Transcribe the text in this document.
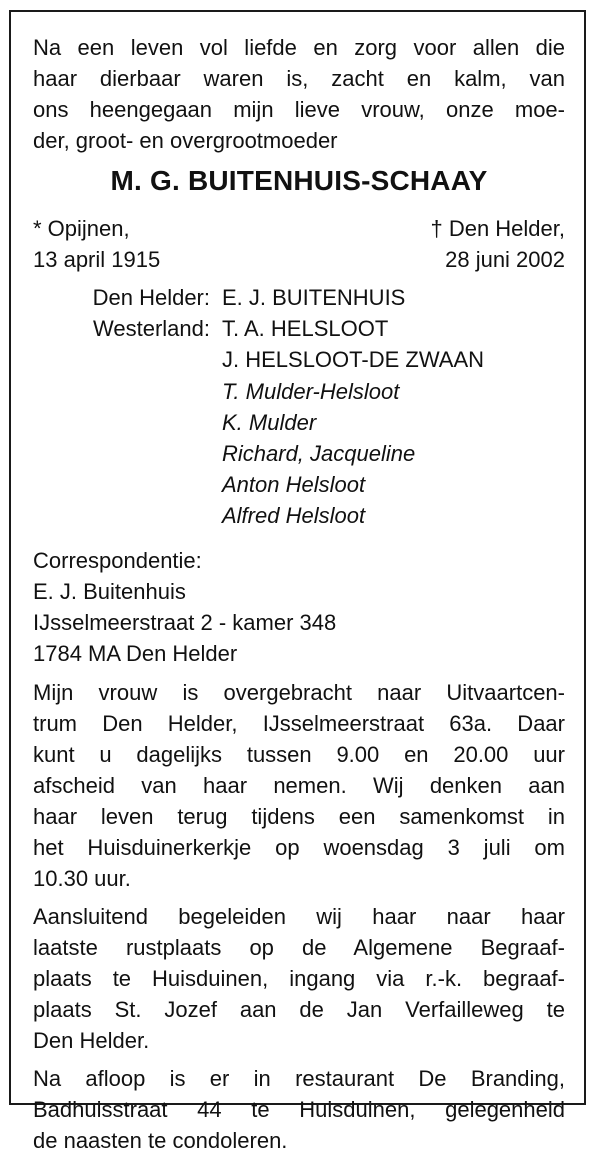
Na een leven vol liefde en zorg voor allen die
haar dierbaar waren is, zacht en kalm, van
ons heengegaan mijn lieve vrouw, onze moe-
der, groot- en overgrootmoeder
M. G. BUITENHUIS-SCHAAY
* Opijnen,
13 april 1915
† Den Helder,
28 juni 2002
Den Helder: E. J. BUITENHUIS
Westerland: T. A. HELSLOOT
J. HELSLOOT-DE ZWAAN
T. Mulder-Helsloot
K. Mulder
Richard, Jacqueline
Anton Helsloot
Alfred Helsloot
Correspondentie:
E. J. Buitenhuis
IJsselmeerstraat 2 - kamer 348
1784 MA Den Helder
Mijn vrouw is overgebracht naar Uitvaartcen-
trum Den Helder, IJsselmeerstraat 63a. Daar
kunt u dagelijks tussen 9.00 en 20.00 uur
afscheid van haar nemen. Wij denken aan
haar leven terug tijdens een samenkomst in
het Huisduinerkerkje op woensdag 3 juli om
10.30 uur.
Aansluitend begeleiden wij haar naar haar
laatste rustplaats op de Algemene Begraaf-
plaats te Huisduinen, ingang via r.-k. begraaf-
plaats St. Jozef aan de Jan Verfailleweg te
Den Helder.
Na afloop is er in restaurant De Branding,
Badhuisstraat 44 te Huisduinen, gelegenheid
de naasten te condoleren.
